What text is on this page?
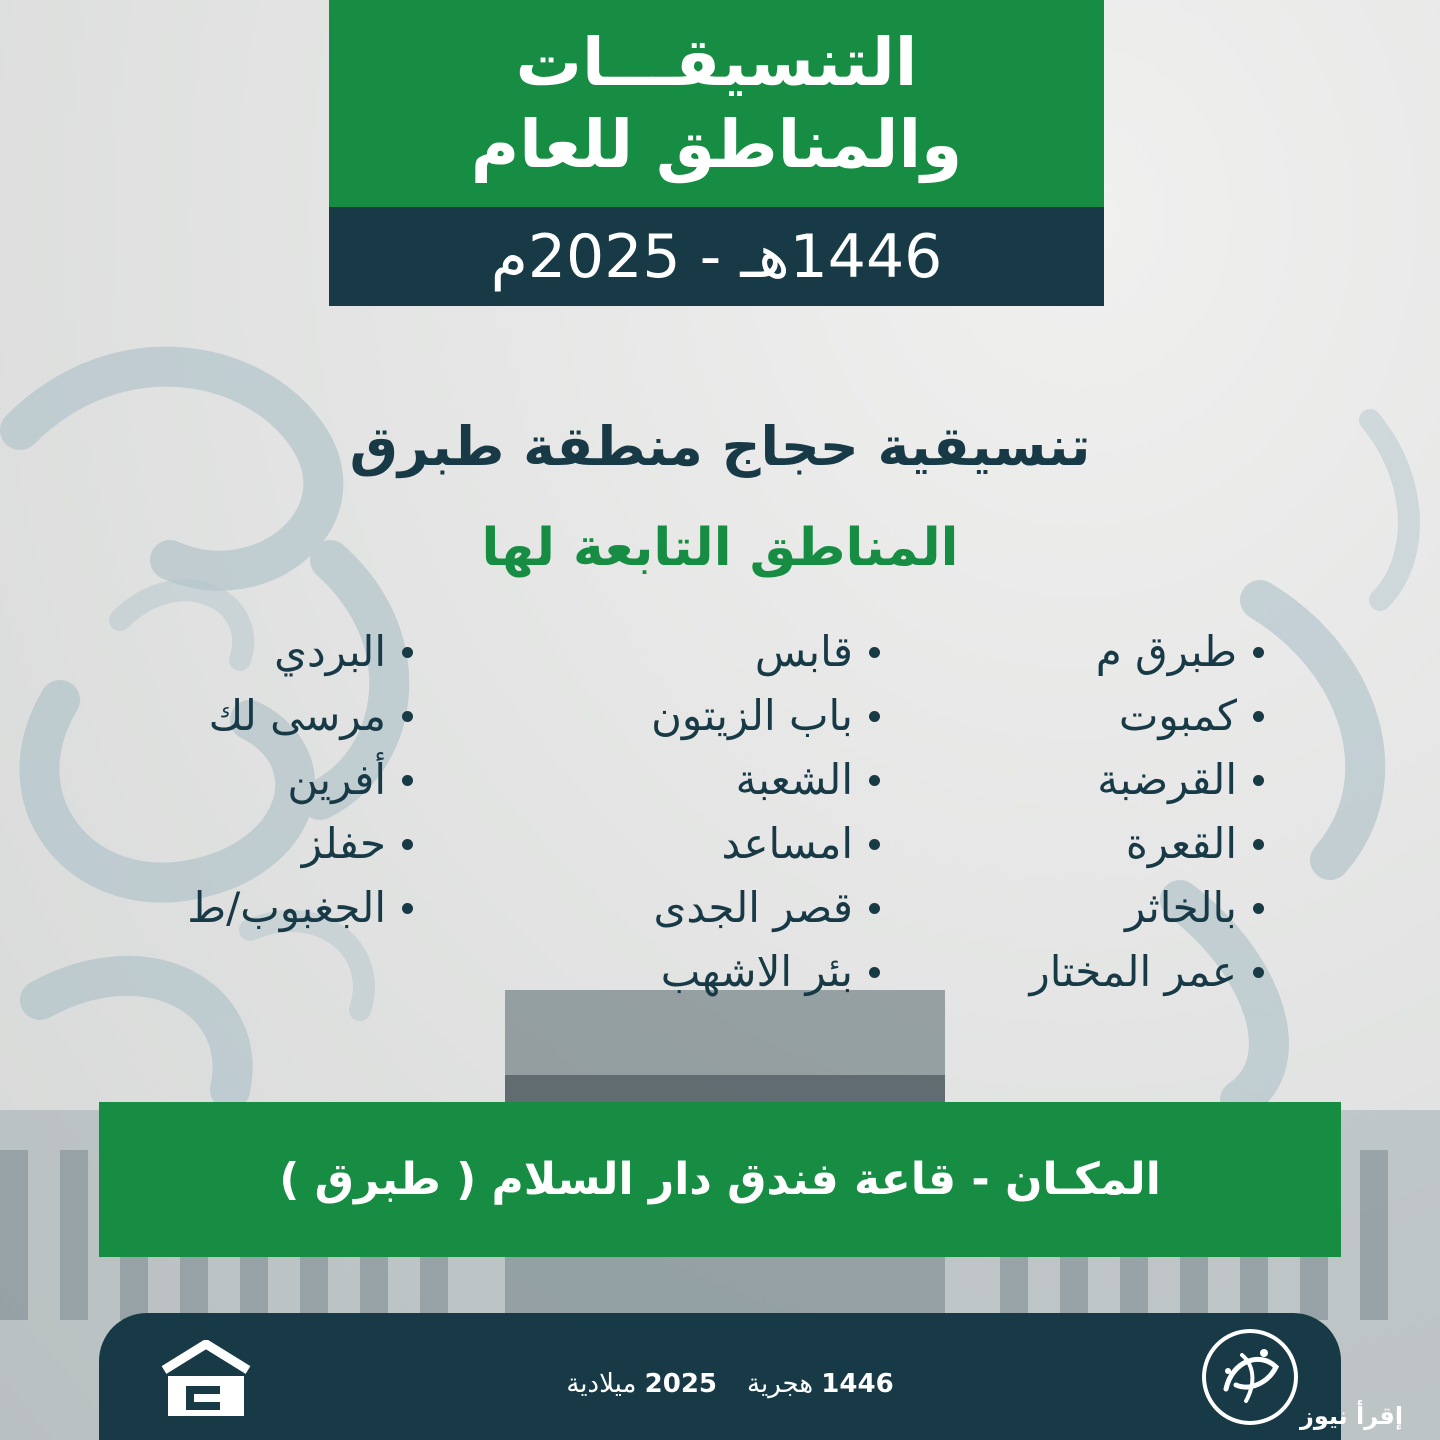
التنسيقـــات
والمناطق للعام
1446هـ - 2025م
تنسيقية حجاج منطقة طبرق
المناطق التابعة لها
طبرق م
كمبوت
القرضبة
القعرة
بالخاثر
عمر المختار
قابس
باب الزيتون
الشعبة
امساعد
قصر الجدى
بئر الاشهب
البردي
مرسى لك
أفرين
حفلز
الجغبوب/ط
المكـان - قاعة فندق دار السلام ( طبرق )
1446 هجرية
2025 ميلادية
إقرأ نيوز
